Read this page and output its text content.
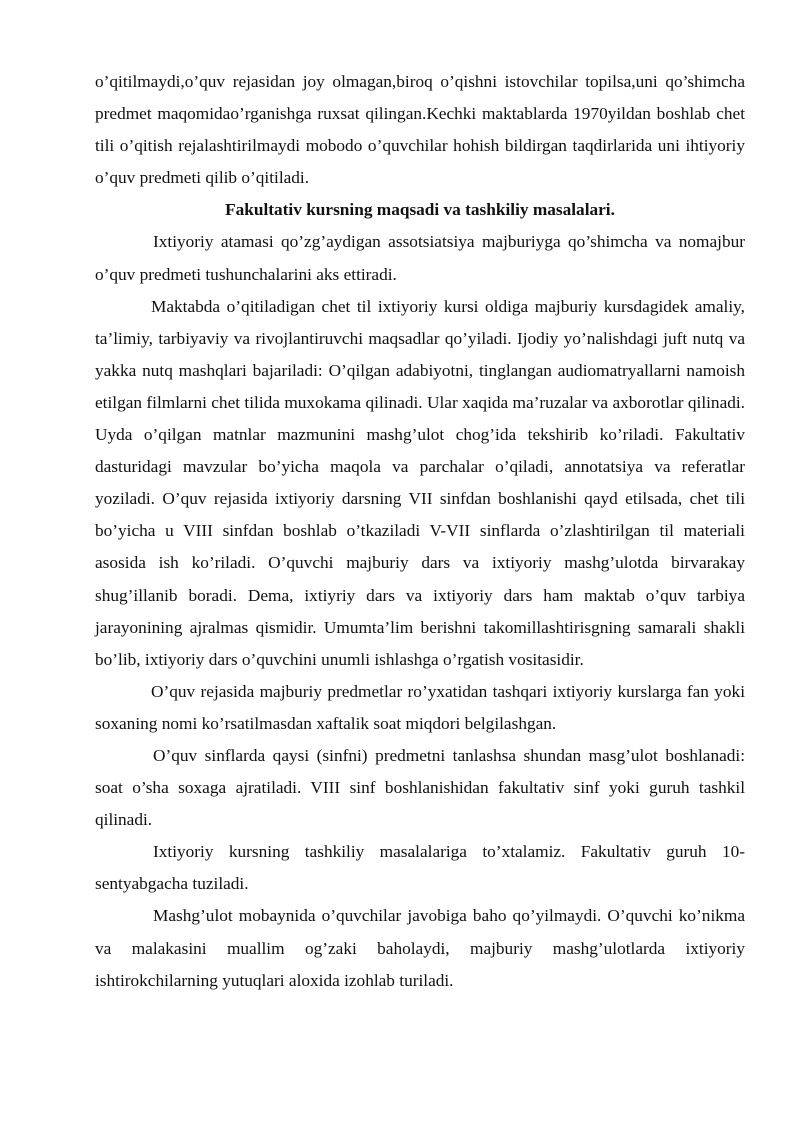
o’qitilmaydi,o’quv rejasidan joy olmagan,biroq o’qishni istovchilar topilsa,uni qo’shimcha predmet maqomidao’rganishga ruxsat qilingan.Kechki maktablarda 1970yildan boshlab chet tili o’qitish rejalashtirilmaydi mobodo o’quvchilar hohish bildirgan taqdirlarida uni ihtiyoriy o’quv predmeti qilib o’qitiladi.

Fakultativ kursning maqsadi va tashkiliy masalalari.

Ixtiyoriy atamasi qo’zg’aydigan assotsiatsiya majburiyga qo’shimcha va nomajbur o’quv predmeti tushunchalarini aks ettiradi.

Maktabda o’qitiladigan chet til ixtiyoriy kursi oldiga majburiy kursdagidek amaliy, ta’limiy, tarbiyaviy va rivojlantiruvchi maqsadlar qo’yiladi. Ijodiy yo’nalishdagi juft nutq va yakka nutq mashqlari bajariladi: O’qilgan adabiyotni, tinglangan audiomatryallarni namoish etilgan filmlarni chet tilida muxokama qilinadi. Ular xaqida ma’ruzalar va axborotlar qilinadi. Uyda o’qilgan matnlar mazmunini mashg’ulot chog’ida tekshirib ko’riladi. Fakultativ dasturidagi mavzular bo’yicha maqola va parchalar o’qiladi, annotatsiya va referatlar yoziladi. O’quv rejasida ixtiyoriy darsning VII sinfdan boshlanishi qayd etilsada, chet tili bo’yicha u VIII sinfdan boshlab o’tkaziladi V-VII sinflarda o’zlashtirilgan til materiali asosida ish ko’riladi. O’quvchi majburiy dars va ixtiyoriy mashg’ulotda birvarakay shug’illanib boradi. Dema, ixtiyriy dars va ixtiyoriy dars ham maktab o’quv tarbiya jarayonining ajralmas qismidir. Umumta’lim berishni takomillashtirisgning samarali shakli bo’lib, ixtiyoriy dars o’quvchini unumli ishlashga o’rgatish vositasidir.

O’quv rejasida majburiy predmetlar ro’yxatidan tashqari ixtiyoriy kurslarga fan yoki soxaning nomi ko’rsatilmasdan xaftalik soat miqdori belgilashgan.

O’quv sinflarda qaysi (sinfni) predmetni tanlashsa shundan masg’ulot boshlanadi: soat o’sha soxaga ajratiladi. VIII sinf boshlanishidan fakultativ sinf yoki guruh tashkil qilinadi.

Ixtiyoriy kursning tashkiliy masalalariga to’xtalamiz. Fakultativ guruh 10-sentyabgacha tuziladi.

Mashg’ulot mobaynida o’quvchilar javobiga baho qo’yilmaydi. O’quvchi ko’nikma va malakasini muallim og’zaki baholaydi, majburiy mashg’ulotlarda ixtiyoriy ishtirokchilarning yutuqlari aloxida izohlab turiladi.
